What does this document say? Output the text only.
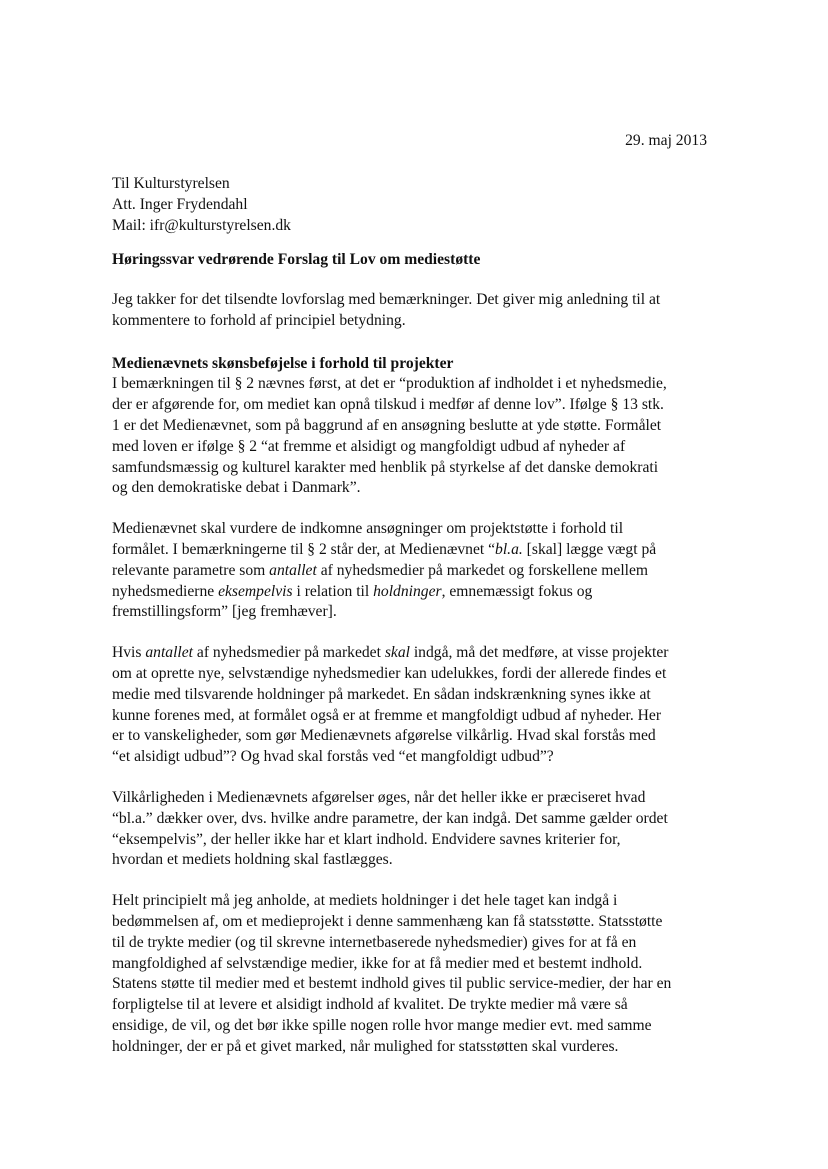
29. maj 2013
Til Kulturstyrelsen
Att. Inger Frydendahl
Mail: ifr@kulturstyrelsen.dk
Høringssvar vedrørende Forslag til Lov om mediestøtte
Jeg takker for det tilsendte lovforslag med bemærkninger. Det giver mig anledning til at
kommentere to forhold af principiel betydning.
Medienævnets skønsbeføjelse i forhold til projekter
I bemærkningen til § 2 nævnes først, at det er “produktion af indholdet i et nyhedsmedie,
der er afgørende for, om mediet kan opnå tilskud i medfør af denne lov”. Ifølge § 13 stk.
1 er det Medienævnet, som på baggrund af en ansøgning beslutte at yde støtte. Formålet
med loven er ifølge § 2 “at fremme et alsidigt og mangfoldigt udbud af nyheder af
samfundsmæssig og kulturel karakter med henblik på styrkelse af det danske demokrati
og den demokratiske debat i Danmark”.
Medienævnet skal vurdere de indkomne ansøgninger om projektstøtte i forhold til
formålet. I bemærkningerne til § 2 står der, at Medienævnet “bl.a. [skal] lægge vægt på
relevante parametre som antallet af nyhedsmedier på markedet og forskellene mellem
nyhedsmedierne eksempelvis i relation til holdninger, emnemæssigt fokus og
fremstillingsform” [jeg fremhæver].
Hvis antallet af nyhedsmedier på markedet skal indgå, må det medføre, at visse projekter
om at oprette nye, selvstændige nyhedsmedier kan udelukkes, fordi der allerede findes et
medie med tilsvarende holdninger på markedet. En sådan indskrænkning synes ikke at
kunne forenes med, at formålet også er at fremme et mangfoldigt udbud af nyheder. Her
er to vanskeligheder, som gør Medienævnets afgørelse vilkårlig. Hvad skal forstås med
“et alsidigt udbud”? Og hvad skal forstås ved “et mangfoldigt udbud”?
Vilkårligheden i Medienævnets afgørelser øges, når det heller ikke er præciseret hvad
“bl.a.” dækker over, dvs. hvilke andre parametre, der kan indgå. Det samme gælder ordet
“eksempelvis”, der heller ikke har et klart indhold. Endvidere savnes kriterier for,
hvordan et mediets holdning skal fastlægges.
Helt principielt må jeg anholde, at mediets holdninger i det hele taget kan indgå i
bedømmelsen af, om et medieprojekt i denne sammenhæng kan få statsstøtte. Statsstøtte
til de trykte medier (og til skrevne internetbaserede nyhedsmedier) gives for at få en
mangfoldighed af selvstændige medier, ikke for at få medier med et bestemt indhold.
Statens støtte til medier med et bestemt indhold gives til public service-medier, der har en
forpligtelse til at levere et alsidigt indhold af kvalitet. De trykte medier må være så
ensidige, de vil, og det bør ikke spille nogen rolle hvor mange medier evt. med samme
holdninger, der er på et givet marked, når mulighed for statsstøtten skal vurderes.
